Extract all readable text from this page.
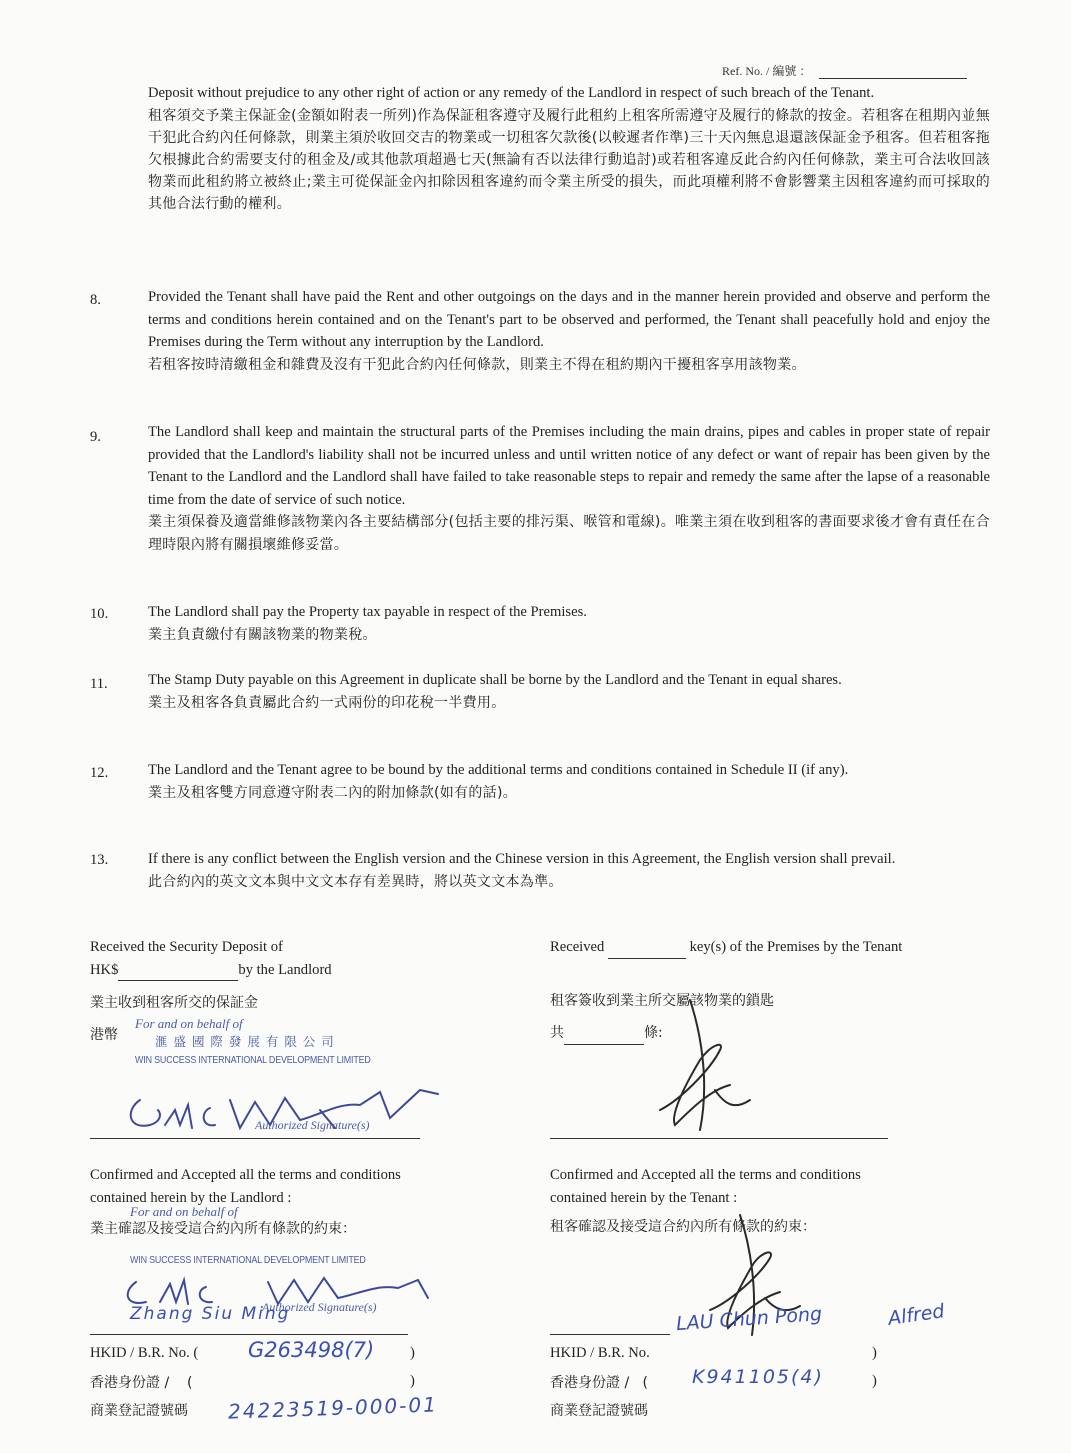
Ref. No. / 編號 ：
Deposit without prejudice to any other right of action or any remedy of the Landlord in respect of such breach of the Tenant.
租客須交予業主保証金(金額如附表一所列)作為保証租客遵守及履行此租約上租客所需遵守及履行的條款的按金。若租客在租期內並無干犯此合約內任何條款，則業主須於收回交吉的物業或一切租客欠款後(以較遲者作準)三十天內無息退還該保証金予租客。但若租客拖欠根據此合約需要支付的租金及/或其他款項超過七天(無論有否以法律行動追討)或若租客違反此合約內任何條款，業主可合法收回該物業而此租約將立被終止;業主可從保証金內扣除因租客違約而令業主所受的損失，而此項權利將不會影響業主因租客違約而可採取的其他合法行動的權利。
8.	Provided the Tenant shall have paid the Rent and other outgoings on the days and in the manner herein provided and observe and perform the terms and conditions herein contained and on the Tenant's part to be observed and performed, the Tenant shall peacefully hold and enjoy the Premises during the Term without any interruption by the Landlord.
若租客按時清繳租金和雜費及沒有干犯此合約內任何條款，則業主不得在租約期內干擾租客享用該物業。
9.	The Landlord shall keep and maintain the structural parts of the Premises including the main drains, pipes and cables in proper state of repair provided that the Landlord's liability shall not be incurred unless and until written notice of any defect or want of repair has been given by the Tenant to the Landlord and the Landlord shall have failed to take reasonable steps to repair and remedy the same after the lapse of a reasonable time from the date of service of such notice.
業主須保養及適當維修該物業內各主要結構部分(包括主要的排污渠、喉管和電線)。唯業主須在收到租客的書面要求後才會有責任在合理時限內將有關損壞維修妥當。
10.	The Landlord shall pay the Property tax payable in respect of the Premises.
業主負責繳付有關該物業的物業稅。
11.	The Stamp Duty payable on this Agreement in duplicate shall be borne by the Landlord and the Tenant in equal shares.
業主及租客各負責屬此合約一式兩份的印花稅一半費用。
12.	The Landlord and the Tenant agree to be bound by the additional terms and conditions contained in Schedule II (if any).
業主及租客雙方同意遵守附表二內的附加條款(如有的話)。
13.	If there is any conflict between the English version and the Chinese version in this Agreement, the English version shall prevail.
此合約內的英文文本與中文文本存有差異時，將以英文文本為準。
Received the Security Deposit of
HK$	by the Landlord
業主收到租客所交的保証金
港幣
Received	key(s) of the Premises by the Tenant
租客簽收到業主所交屬該物業的鎖匙
共	條:
For and on behalf of
滙 盛 國 際 發 展 有 限 公 司
WIN SUCCESS INTERNATIONAL DEVELOPMENT LIMITED
Authorized Signature(s)
Confirmed and Accepted all the terms and conditions
contained herein by the Landlord :
業主確認及接受這合約內所有條款的約束：
Confirmed and Accepted all the terms and conditions
contained herein by the Tenant :
租客確認及接受這合約內所有條款的約束：
For and on behalf of
WIN SUCCESS INTERNATIONAL DEVELOPMENT LIMITED
Authorized Signature(s)
Zhang Siu Ming	LAU Chun Pong	Alfred
HKID / B.R. No. ( G263498(7) )
香港身份證 /    (	)
商業登記證號碼 24223519-000-01
HKID / B.R. No.	)
香港身份證 /   ( K941105(4)	)
商業登記證號碼
